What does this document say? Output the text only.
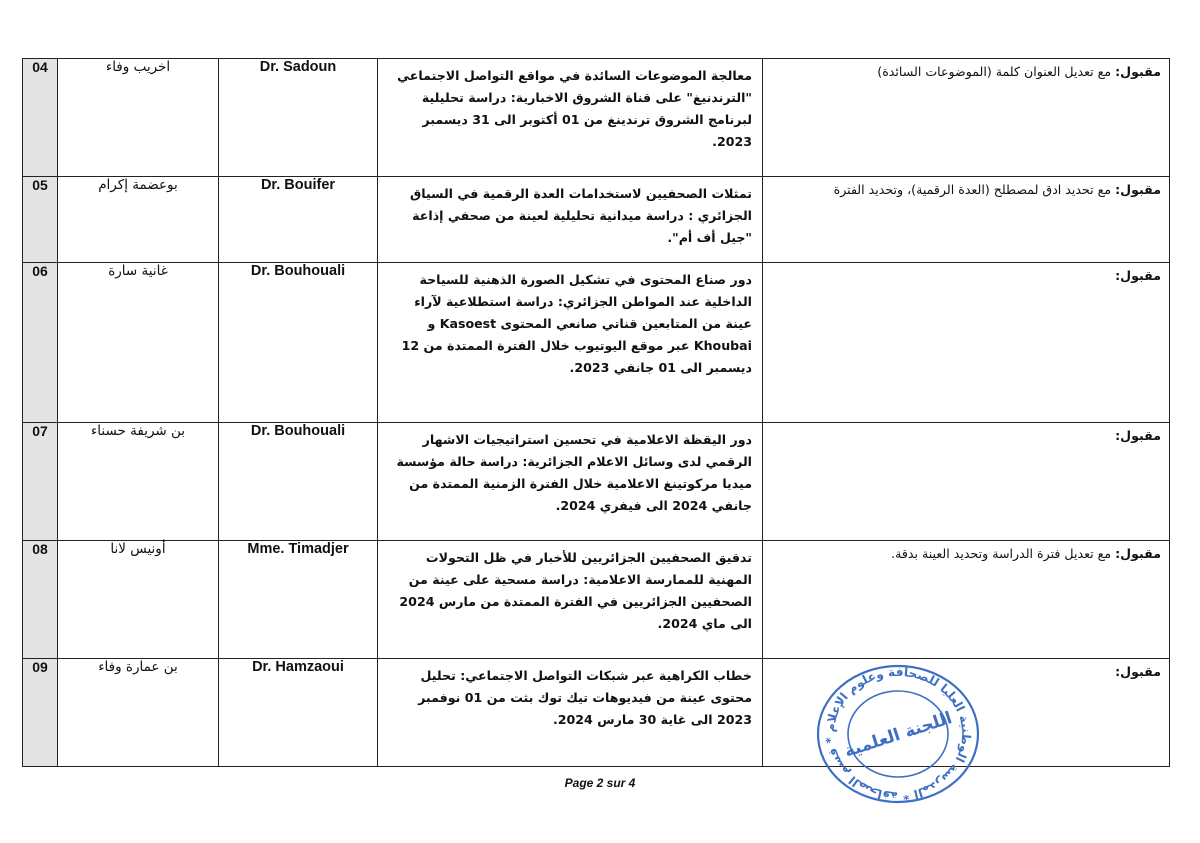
04	اخريب وفاء	Dr. Sadoun	معالجة الموضوعات السائدة في مواقع التواصل الاجتماعي "الترندنيغ" على قناة الشروق الاخبارية: دراسة تحليلية لبرنامج الشروق ترندينغ من 01 أكتوبر الى 31 ديسمبر 2023.	مقبول: مع تعديل العنوان كلمة (الموضوعات السائدة)

05	بوعضمة إكرام	Dr. Bouifer	تمثلات الصحفيين لاستخدامات العدة الرقمية في السياق الجزائري : دراسة ميدانية تحليلية لعينة من صحفي إذاعة "جيل أف أم".	مقبول: مع تحديد ادق لمصطلح (العدة الرقمية)، وتحديد الفترة

06	غانية سارة	Dr. Bouhouali	دور صناع المحتوى في تشكيل الصورة الذهنية للسياحة الداخلية عند المواطن الجزائري: دراسة استطلاعية لآراء عينة من المتابعين قناتي صانعي المحتوى Kasoest و Khoubai عبر موقع اليوتيوب خلال الفترة الممتدة من 12 ديسمبر الى 01 جانفي 2023.	مقبول:

07	بن شريفة حسناء	Dr. Bouhouali	دور اليقظة الاعلامية في تحسين استراتيجيات الاشهار الرقمي لدى وسائل الاعلام الجزائرية: دراسة حالة مؤسسة ميديا مركوتينغ الاعلامية خلال الفترة الزمنية الممتدة من جانفي 2024 الى فيفري 2024.	مقبول:

08	أونيس لانا	Mme. Timadjer	تدقيق الصحفيين الجزائريين للأخبار في ظل التحولات المهنية للممارسة الاعلامية: دراسة مسحية على عينة من الصحفيين الجزائريين في الفترة الممتدة من مارس 2024 الى ماي 2024.	مقبول: مع تعديل فترة الدراسة وتحديد العينة بدقة.

09	بن عمارة وفاء	Dr. Hamzaoui	خطاب الكراهية عبر شبكات التواصل الاجتماعي: تحليل محتوى عينة من فيديوهات تيك توك بثت من 01 نوفمبر 2023 الى غاية 30 مارس 2024.	مقبول:
Page 2 sur 4
المدرسة الوطنية العليا للصحافة وعلوم الإعلام * قسم الصحافة *
اللجنة العلمية
